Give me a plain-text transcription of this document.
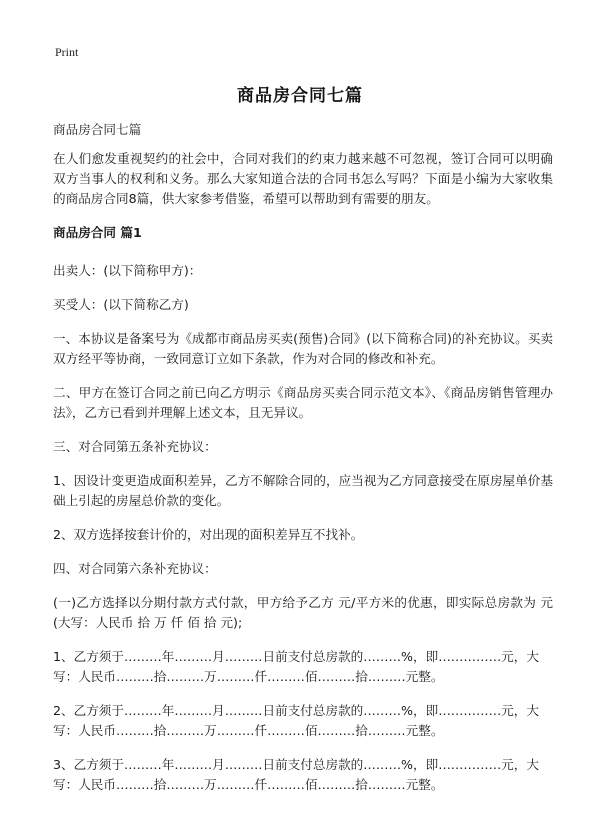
Print
商品房合同七篇

商品房合同七篇

在人们愈发重视契约的社会中，合同对我们的约束力越来越不可忽视，签订合同可以明确双方当事人的权利和义务。那么大家知道合法的合同书怎么写吗？下面是小编为大家收集的商品房合同8篇，供大家参考借鉴，希望可以帮助到有需要的朋友。

商品房合同 篇1

出卖人：(以下简称甲方)：

买受人：(以下简称乙方)

一、本协议是备案号为《成都市商品房买卖(预售)合同》(以下简称合同)的补充协议。买卖双方经平等协商，一致同意订立如下条款，作为对合同的修改和补充。

二、甲方在签订合同之前已向乙方明示《商品房买卖合同示范文本》、《商品房销售管理办法》，乙方已看到并理解上述文本，且无异议。

三、对合同第五条补充协议：

1、因设计变更造成面积差异，乙方不解除合同的，应当视为乙方同意接受在原房屋单价基础上引起的房屋总价款的变化。

2、双方选择按套计价的，对出现的面积差异互不找补。

四、对合同第六条补充协议：

(一)乙方选择以分期付款方式付款，甲方给予乙方 元/平方米的优惠，即实际总房款为 元(大写：人民币 拾 万 仟 佰 拾 元);

1、乙方须于………年………月………日前支付总房款的………%，即……………元，大写：人民币………拾………万………仟………佰………拾………元整。

2、乙方须于………年………月………日前支付总房款的………%，即……………元，大写：人民币………拾………万………仟………佰………拾………元整。

3、乙方须于………年………月………日前支付总房款的………%，即……………元，大写：人民币………拾………万………仟………佰………拾………元整。
